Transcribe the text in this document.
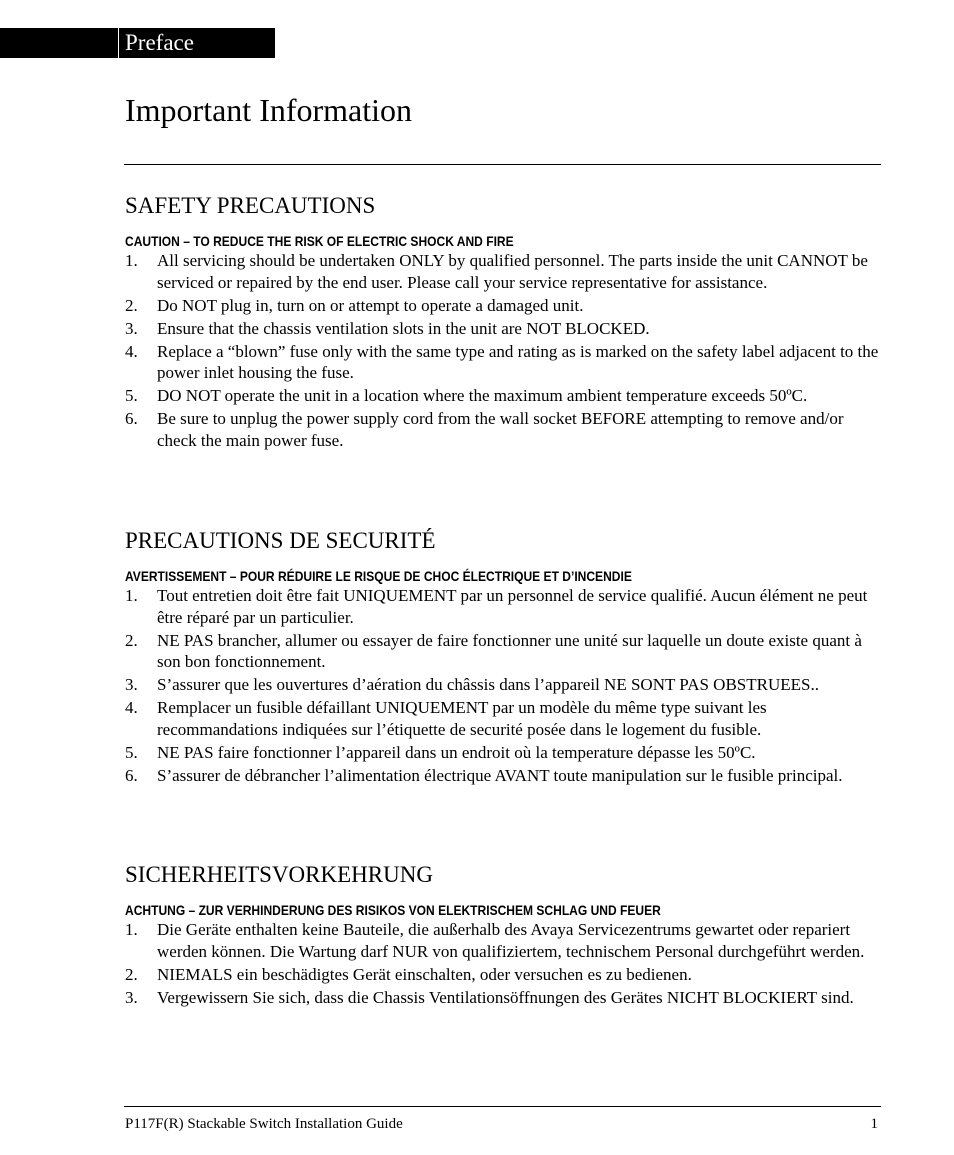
Preface
Important Information
SAFETY PRECAUTIONS
CAUTION – TO REDUCE THE RISK OF ELECTRIC SHOCK AND FIRE
1. All servicing should be undertaken ONLY by qualified personnel. The parts inside the unit CANNOT be serviced or repaired by the end user. Please call your service representative for assistance.
2. Do NOT plug in, turn on or attempt to operate a damaged unit.
3. Ensure that the chassis ventilation slots in the unit are NOT BLOCKED.
4. Replace a “blown” fuse only with the same type and rating as is marked on the safety label adjacent to the power inlet housing the fuse.
5. DO NOT operate the unit in a location where the maximum ambient temperature exceeds 50ºC.
6. Be sure to unplug the power supply cord from the wall socket BEFORE attempting to remove and/or check the main power fuse.
PRECAUTIONS DE SECURITÉ
AVERTISSEMENT – POUR RÉDUIRE LE RISQUE DE CHOC ÉLECTRIQUE ET D’INCENDIE
1. Tout entretien doit être fait UNIQUEMENT par un personnel de service qualifié. Aucun élément ne peut être réparé par un particulier.
2. NE PAS brancher, allumer ou essayer de faire fonctionner une unité sur laquelle un doute existe quant à son bon fonctionnement.
3. S’assurer que les ouvertures d’aération du châssis dans l’appareil NE SONT PAS OBSTRUEES..
4. Remplacer un fusible défaillant UNIQUEMENT par un modèle du même type suivant les recommandations indiquées sur l’étiquette de securité posée dans le logement du fusible.
5. NE PAS faire fonctionner l’appareil dans un endroit où la temperature dépasse les 50ºC.
6. S’assurer de débrancher l’alimentation électrique AVANT toute manipulation sur le fusible principal.
SICHERHEITSVORKEHRUNG
ACHTUNG – ZUR VERHINDERUNG DES RISIKOS VON ELEKTRISCHEM SCHLAG UND FEUER
1. Die Geräte enthalten keine Bauteile, die außerhalb des Avaya Servicezentrums gewartet oder repariert werden können. Die Wartung darf NUR von qualifiziertem, technischem Personal durchgeführt werden.
2. NIEMALS ein beschädigtes Gerät einschalten, oder versuchen es zu bedienen.
3. Vergewissern Sie sich, dass die Chassis Ventilationsöffnungen des Gerätes NICHT BLOCKIERT sind.
P117F(R) Stackable Switch Installation Guide	1
